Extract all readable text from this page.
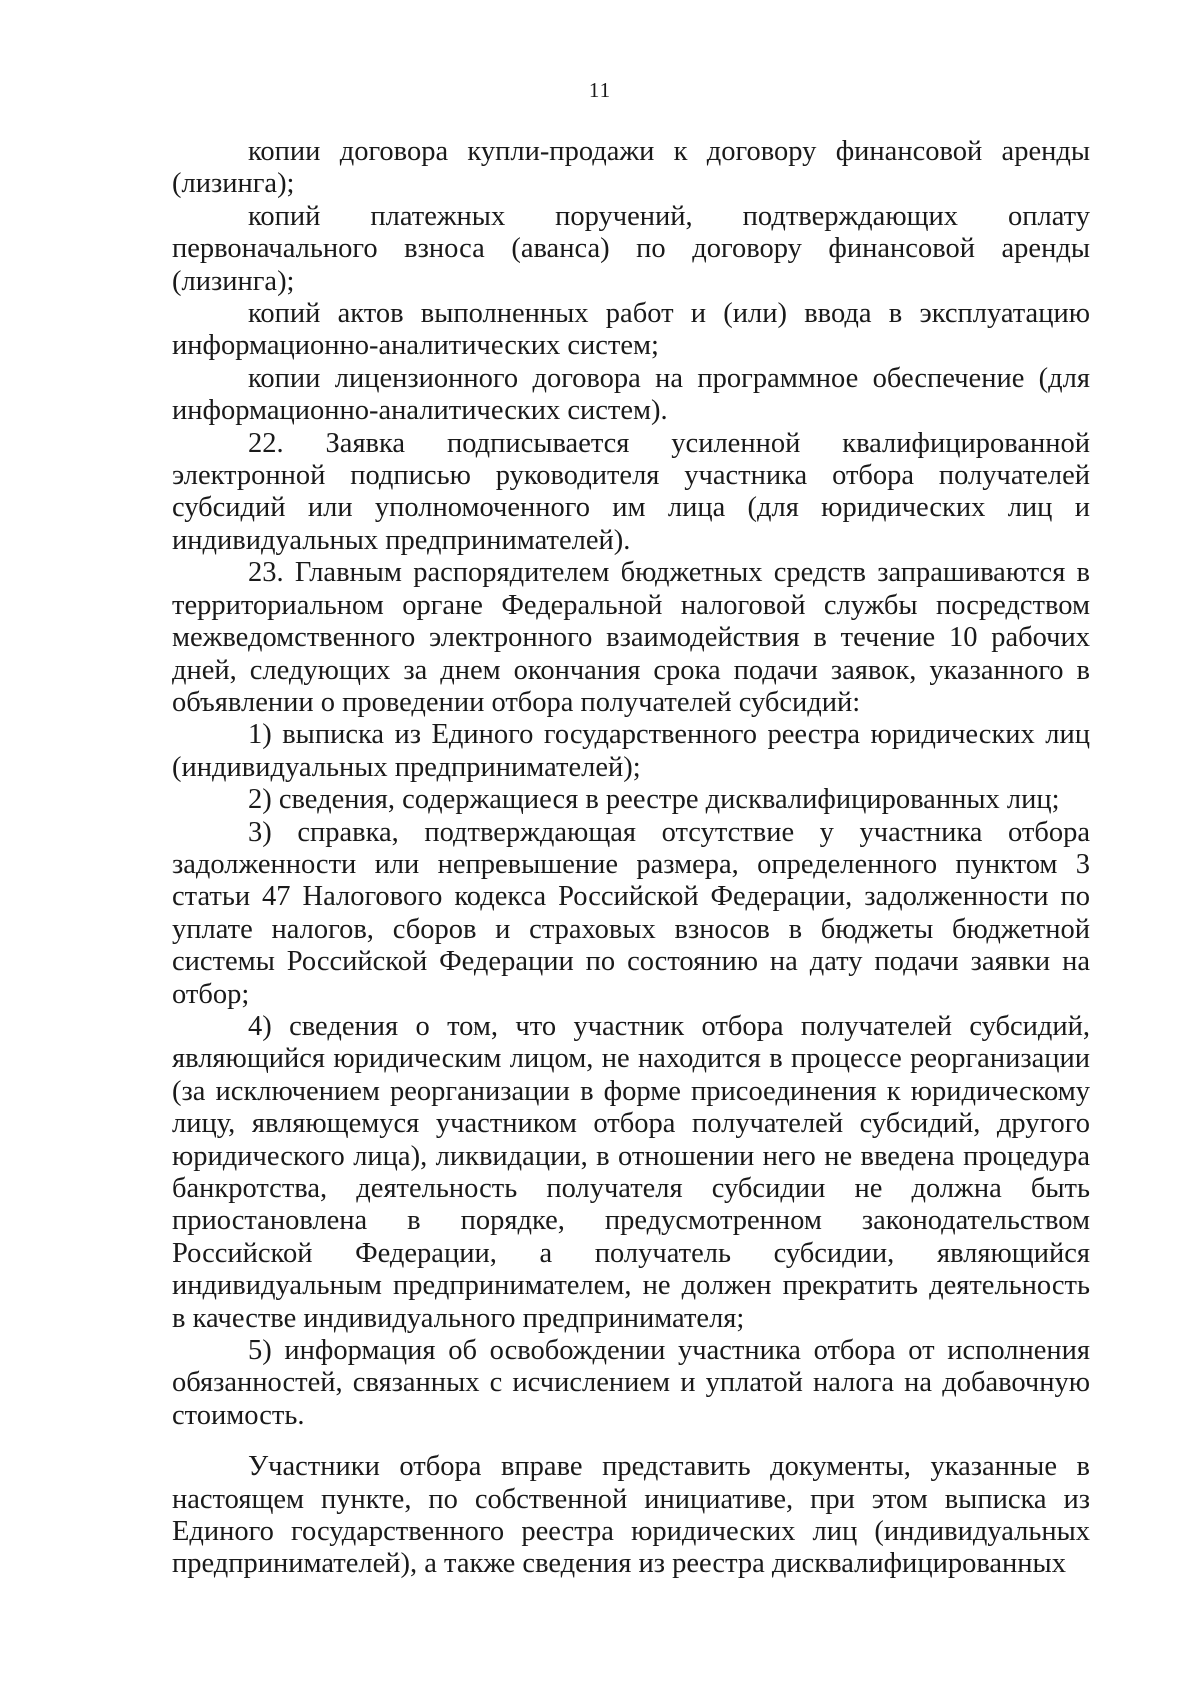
11

копии договора купли-продажи к договору финансовой аренды (лизинга);

копий платежных поручений, подтверждающих оплату первоначального взноса (аванса) по договору финансовой аренды (лизинга);

копий актов выполненных работ и (или) ввода в эксплуатацию информационно-аналитических систем;

копии лицензионного договора на программное обеспечение (для информационно-аналитических систем).

22. Заявка подписывается усиленной квалифицированной электронной подписью руководителя участника отбора получателей субсидий или уполномоченного им лица (для юридических лиц и индивидуальных предпринимателей).

23. Главным распорядителем бюджетных средств запрашиваются в территориальном органе Федеральной налоговой службы посредством межведомственного электронного взаимодействия в течение 10 рабочих дней, следующих за днем окончания срока подачи заявок, указанного в объявлении о проведении отбора получателей субсидий:

1) выписка из Единого государственного реестра юридических лиц (индивидуальных предпринимателей);

2) сведения, содержащиеся в реестре дисквалифицированных лиц;

3) справка, подтверждающая отсутствие у участника отбора задолженности или непревышение размера, определенного пунктом 3 статьи 47 Налогового кодекса Российской Федерации, задолженности по уплате налогов, сборов и страховых взносов в бюджеты бюджетной системы Российской Федерации по состоянию на дату подачи заявки на отбор;

4) сведения о том, что участник отбора получателей субсидий, являющийся юридическим лицом, не находится в процессе реорганизации (за исключением реорганизации в форме присоединения к юридическому лицу, являющемуся участником отбора получателей субсидий, другого юридического лица), ликвидации, в отношении него не введена процедура банкротства, деятельность получателя субсидии не должна быть приостановлена в порядке, предусмотренном законодательством Российской Федерации, а получатель субсидии, являющийся индивидуальным предпринимателем, не должен прекратить деятельность в качестве индивидуального предпринимателя;

5) информация об освобождении участника отбора от исполнения обязанностей, связанных с исчислением и уплатой налога на добавочную стоимость.

Участники отбора вправе представить документы, указанные в настоящем пункте, по собственной инициативе, при этом выписка из Единого государственного реестра юридических лиц (индивидуальных предпринимателей), а также сведения из реестра дисквалифицированных
